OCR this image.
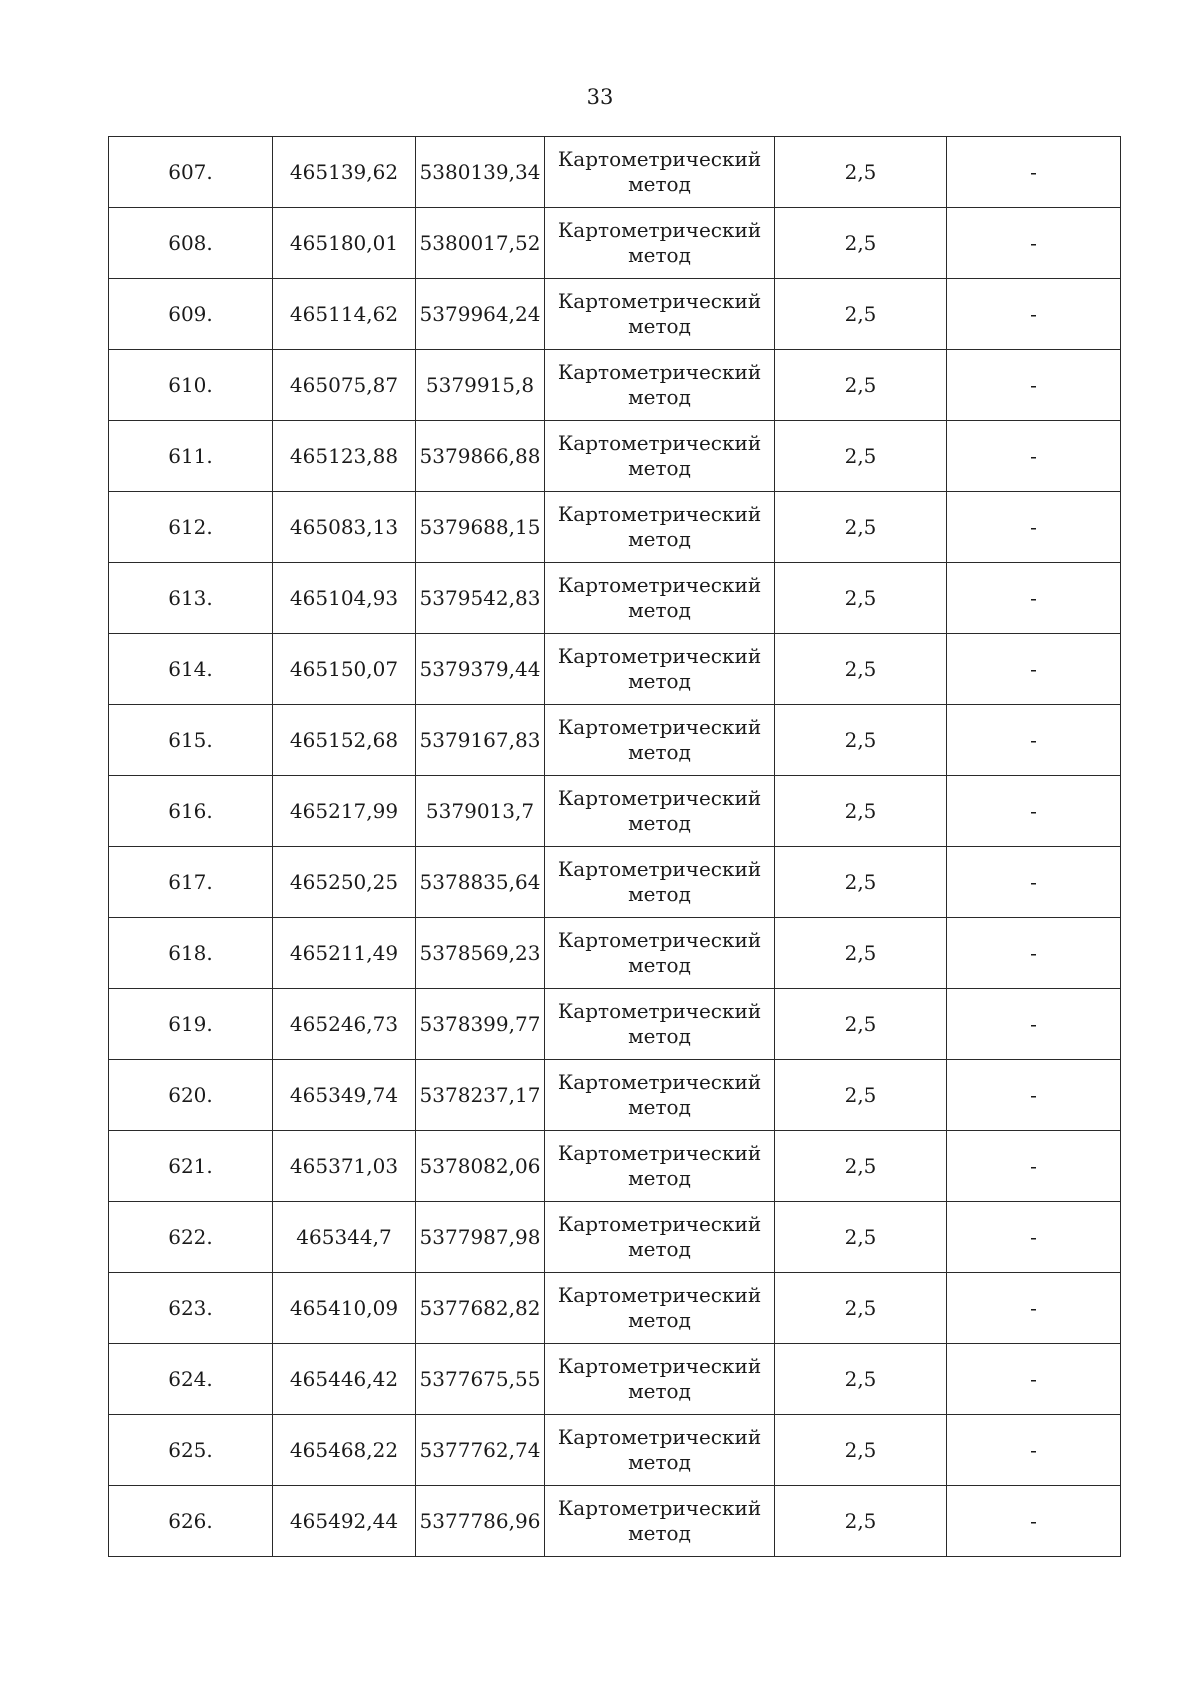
33
607.	465139,62	5380139,34	Картометрический метод	2,5	-
608.	465180,01	5380017,52	Картометрический метод	2,5	-
609.	465114,62	5379964,24	Картометрический метод	2,5	-
610.	465075,87	5379915,8	Картометрический метод	2,5	-
611.	465123,88	5379866,88	Картометрический метод	2,5	-
612.	465083,13	5379688,15	Картометрический метод	2,5	-
613.	465104,93	5379542,83	Картометрический метод	2,5	-
614.	465150,07	5379379,44	Картометрический метод	2,5	-
615.	465152,68	5379167,83	Картометрический метод	2,5	-
616.	465217,99	5379013,7	Картометрический метод	2,5	-
617.	465250,25	5378835,64	Картометрический метод	2,5	-
618.	465211,49	5378569,23	Картометрический метод	2,5	-
619.	465246,73	5378399,77	Картометрический метод	2,5	-
620.	465349,74	5378237,17	Картометрический метод	2,5	-
621.	465371,03	5378082,06	Картометрический метод	2,5	-
622.	465344,7	5377987,98	Картометрический метод	2,5	-
623.	465410,09	5377682,82	Картометрический метод	2,5	-
624.	465446,42	5377675,55	Картометрический метод	2,5	-
625.	465468,22	5377762,74	Картометрический метод	2,5	-
626.	465492,44	5377786,96	Картометрический метод	2,5	-
